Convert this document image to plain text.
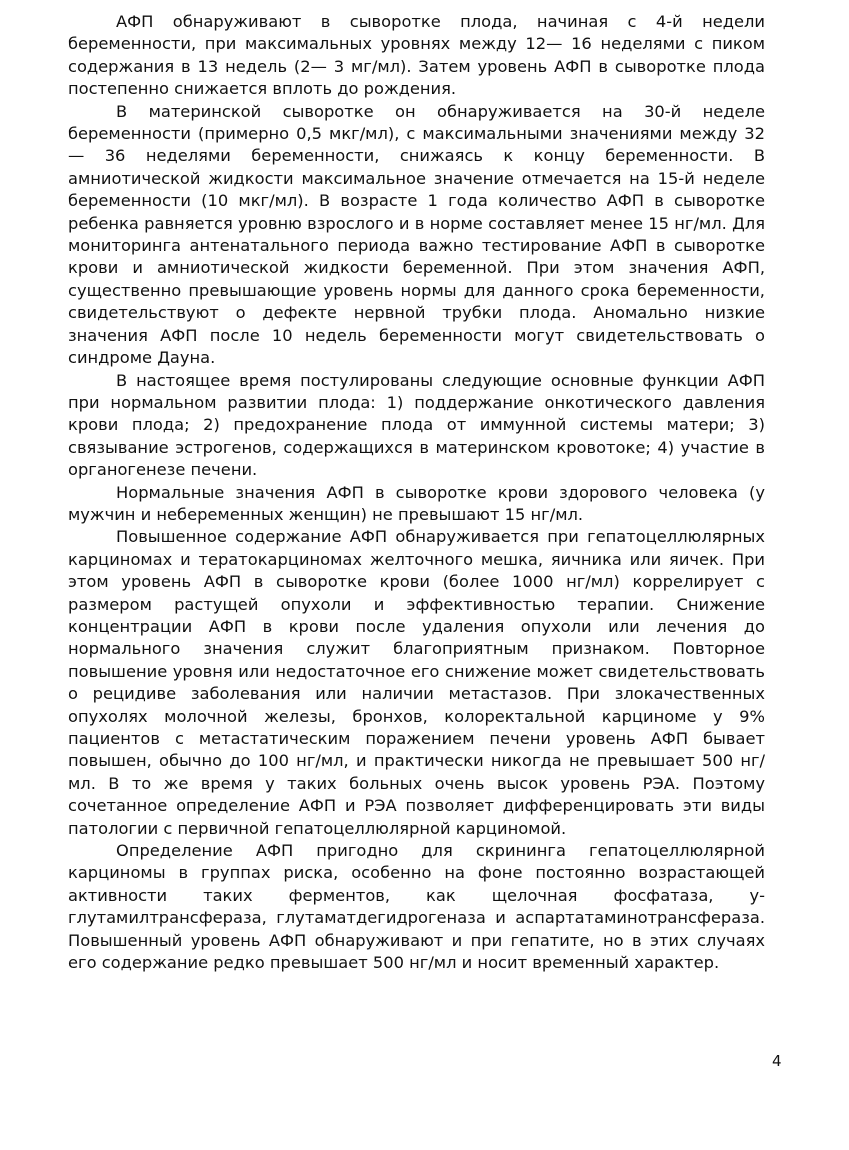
АФП обнаруживают в сыворотке плода, начиная с 4-й недели беременности, при максимальных уровнях между 12— 16 неделями с пиком содержания в 13 недель (2— 3 мг/мл). Затем уровень АФП в сыворотке плода постепенно снижается вплоть до рождения.

В материнской сыворотке он обнаруживается на 30-й неделе беременности (примерно 0,5 мкг/мл), с максимальными значениями между 32— 36 неделями беременности, снижаясь к концу беременности. В амниотической жидкости максимальное значение отмечается на 15-й неделе беременности (10 мкг/мл). В возрасте 1 года количество АФП в сыворотке ребенка равняется уровню взрослого и в норме составляет менее 15 нг/мл. Для мониторинга антенатального периода важно тестирование АФП в сыворотке крови и амниотической жидкости беременной. При этом значения АФП, существенно превышающие уровень нормы для данного срока беременности, свидетельствуют о дефекте нервной трубки плода. Аномально низкие значения АФП после 10 недель беременности могут свидетельствовать о синдроме Дауна.

В настоящее время постулированы следующие основные функции АФП при нормальном развитии плода: 1) поддержание онкотического давления крови плода; 2) предохранение плода от иммунной системы матери; 3) связывание эстрогенов, содержащихся в материнском кровотоке; 4) участие в органогенезе печени.

Нормальные значения АФП в сыворотке крови здорового человека (у мужчин и небеременных женщин) не превышают 15 нг/мл.

Повышенное содержание АФП обнаруживается при гепатоцеллюлярных карциномах и тератокарциномах желточного мешка, яичника или яичек. При этом уровень АФП в сыворотке крови (более 1000 нг/мл) коррелирует с размером растущей опухоли и эффективностью терапии. Снижение концентрации АФП в крови после удаления опухоли или лечения до нормального значения служит благоприятным признаком. Повторное повышение уровня или недостаточное его снижение может свидетельствовать о рецидиве заболевания или наличии метастазов. При злокачественных опухолях молочной железы, бронхов, колоректальной карциноме у 9% пациентов с метастатическим поражением печени уровень АФП бывает повышен, обычно до 100 нг/мл, и практически никогда не превышает 500 нг/мл. В то же время у таких больных очень высок уровень РЭА. Поэтому сочетанное определение АФП и РЭА позволяет дифференцировать эти виды патологии с первичной гепатоцеллюлярной карциномой.

Определение АФП пригодно для скрининга гепатоцеллюлярной карциномы в группах риска, особенно на фоне постоянно возрастающей активности таких ферментов, как щелочная фосфатаза, у-глутамилтрансфераза, глутаматдегидрогеназа и аспартатаминотрансфераза. Повышенный уровень АФП обнаруживают и при гепатите, но в этих случаях его содержание редко превышает 500 нг/мл и носит временный характер.

4
